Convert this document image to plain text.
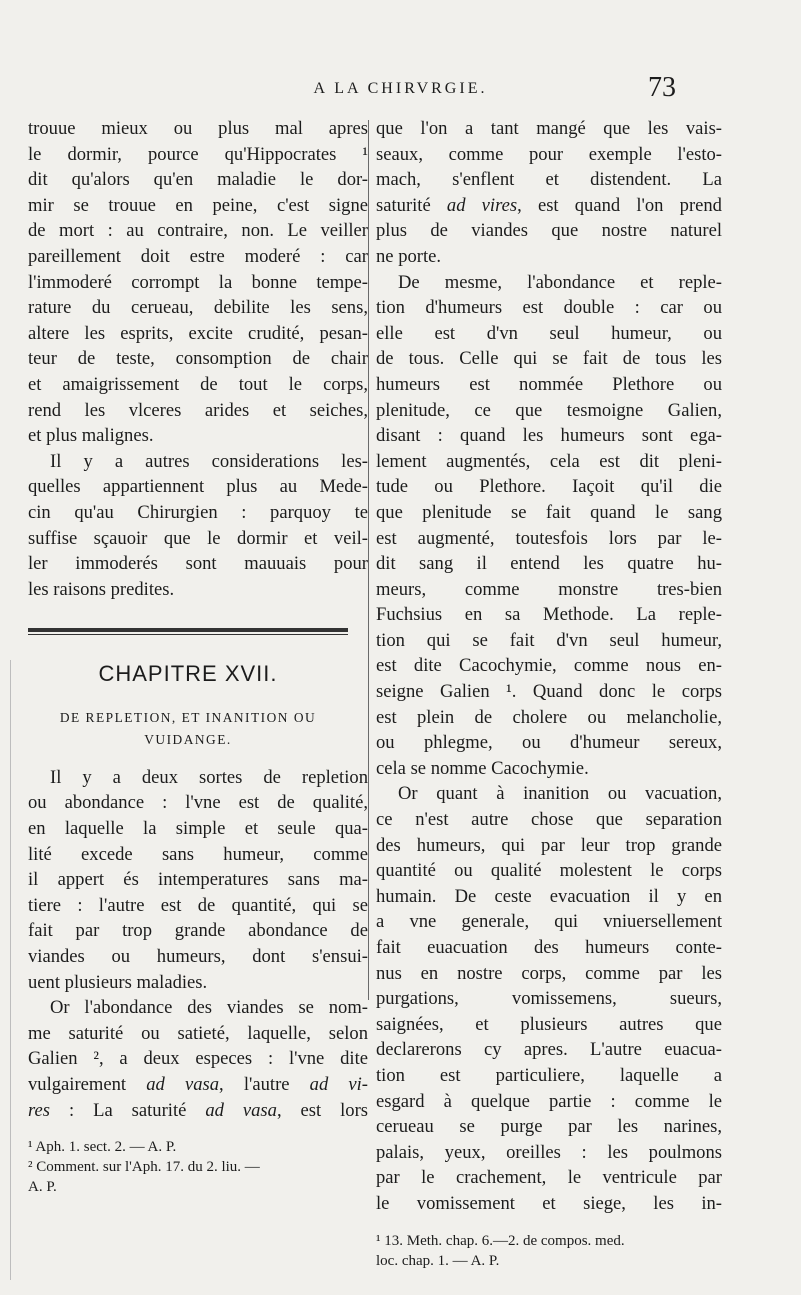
A LA CHIRVRGIE.	73
trouue mieux ou plus mal apres
le dormir, pource qu'Hippocrates ¹
dit qu'alors qu'en maladie le dor-
mir se trouue en peine, c'est signe
de mort : au contraire, non. Le veiller
pareillement doit estre moderé : car
l'immoderé corrompt la bonne tempe-
rature du cerueau, debilite les sens,
altere les esprits, excite crudité, pesan-
teur de teste, consomption de chair
et amaigrissement de tout le corps,
rend les vlceres arides et seiches,
et plus malignes.
Il y a autres considerations les-
quelles appartiennent plus au Mede-
cin qu'au Chirurgien : parquoy te
suffise sçauoir que le dormir et veil-
ler immoderés sont mauuais pour
les raisons predites.
CHAPITRE XVII.
DE REPLETION, ET INANITION OU
VUIDANGE.
Il y a deux sortes de repletion
ou abondance : l'vne est de qualité,
en laquelle la simple et seule qua-
lité excede sans humeur, comme
il appert és intemperatures sans ma-
tiere : l'autre est de quantité, qui se
fait par trop grande abondance de
viandes ou humeurs, dont s'ensui-
uent plusieurs maladies.
Or l'abondance des viandes se nom-
me saturité ou satieté, laquelle, selon
Galien ², a deux especes : l'vne dite
vulgairement ad vasa, l'autre ad vi-
res : La saturité ad vasa, est lors
¹ Aph. 1. sect. 2. — A. P.
² Comment. sur l'Aph. 17. du 2. liu. —
A. P.
que l'on a tant mangé que les vais-
seaux, comme pour exemple l'esto-
mach, s'enflent et distendent. La
saturité ad vires, est quand l'on prend
plus de viandes que nostre naturel
ne porte.
De mesme, l'abondance et reple-
tion d'humeurs est double : car ou
elle est d'vn seul humeur, ou
de tous. Celle qui se fait de tous les
humeurs est nommée Plethore ou
plenitude, ce que tesmoigne Galien,
disant : quand les humeurs sont ega-
lement augmentés, cela est dit pleni-
tude ou Plethore. Iaçoit qu'il die
que plenitude se fait quand le sang
est augmenté, toutesfois lors par le-
dit sang il entend les quatre hu-
meurs, comme monstre tres-bien
Fuchsius en sa Methode. La reple-
tion qui se fait d'vn seul humeur,
est dite Cacochymie, comme nous en-
seigne Galien ¹. Quand donc le corps
est plein de cholere ou melancholie,
ou phlegme, ou d'humeur sereux,
cela se nomme Cacochymie.
Or quant à inanition ou vacuation,
ce n'est autre chose que separation
des humeurs, qui par leur trop grande
quantité ou qualité molestent le corps
humain. De ceste evacuation il y en
a vne generale, qui vniuersellement
fait euacuation des humeurs conte-
nus en nostre corps, comme par les
purgations, vomissemens, sueurs,
saignées, et plusieurs autres que
declarerons cy apres. L'autre euacua-
tion est particuliere, laquelle a
esgard à quelque partie : comme le
cerueau se purge par les narines,
palais, yeux, oreilles : les poulmons
par le crachement, le ventricule par
le vomissement et siege, les in-
¹ 13. Meth. chap. 6.—2. de compos. med.
loc. chap. 1. — A. P.
